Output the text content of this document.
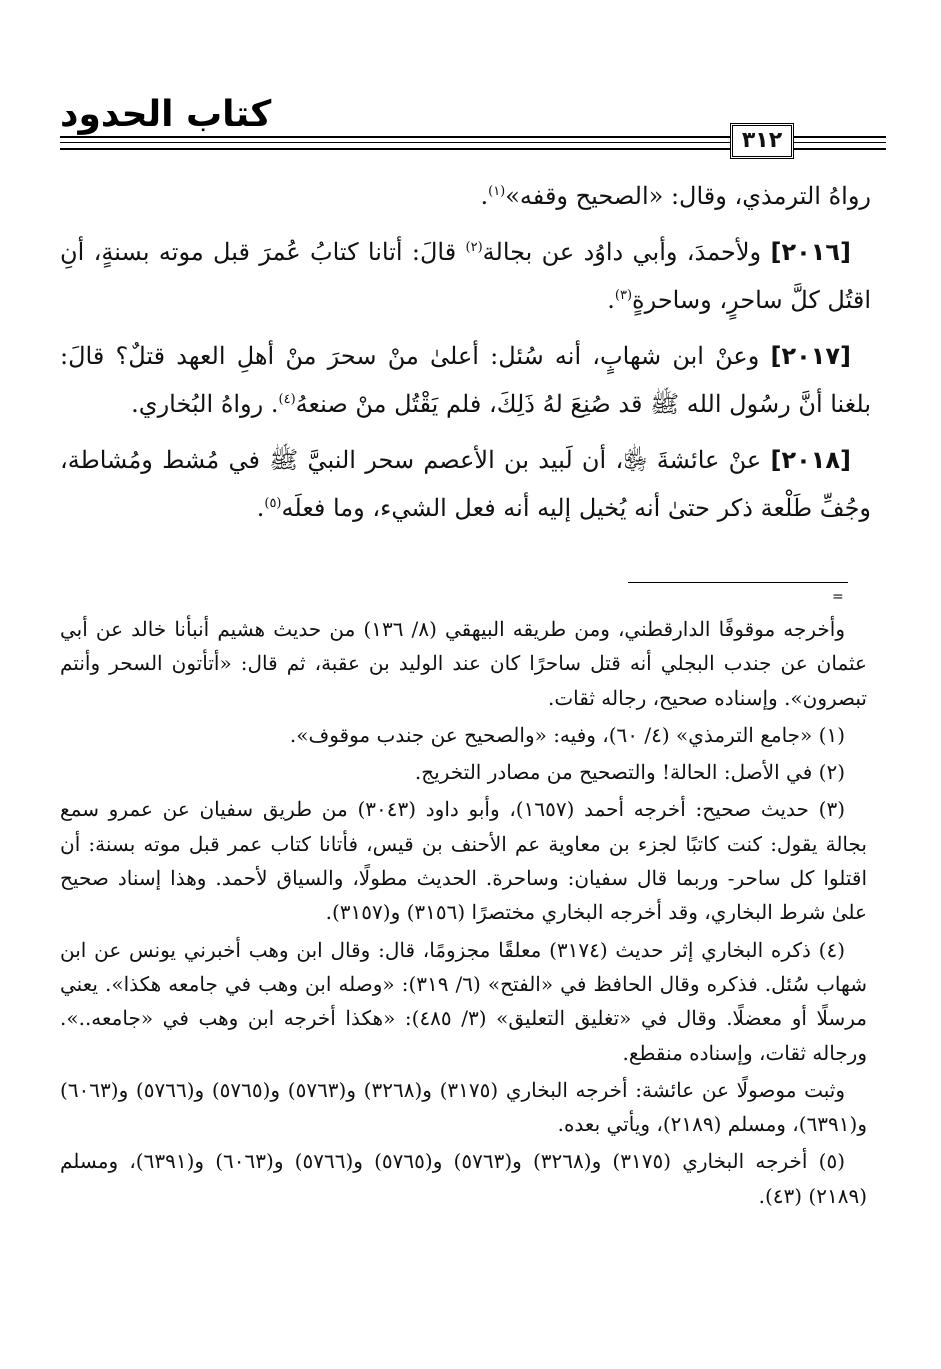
كتاب الحدود
٣١٢

رواهُ الترمذي، وقال: «الصحيح وقفه»$^{(١)}$.

[٢٠١٦] ولأحمدَ، وأبي داوُد عن بجالة$^{(٢)}$ قالَ: أتانا كتابُ عُمرَ قبل موته بسنةٍ، أنِ اقتُل كلَّ ساحرٍ، وساحرةٍ$^{(٣)}$.

[٢٠١٧] وعنْ ابن شهابٍ، أنه سُئل: أعلىٰ منْ سحرَ منْ أهلِ العهد قتلٌ؟ قالَ: بلغنا أنَّ رسُول الله ﷺ قد صُنِعَ لهُ ذَلِكَ، فلم يَقْتُل منْ صنعهُ$^{(٤)}$. رواهُ البُخاري.

[٢٠١٨] عنْ عائشةَ ﵂، أن لَبيد بن الأعصم سحر النبيَّ ﷺ في مُشط ومُشاطة، وجُفِّ طَلْعة ذكر حتىٰ أنه يُخيل إليه أنه فعل الشيء، وما فعلَه$^{(٥)}$.

=

وأخرجه موقوفًا الدارقطني، ومن طريقه البيهقي (٨/ ١٣٦) من حديث هشيم أنبأنا خالد عن أبي عثمان عن جندب البجلي أنه قتل ساحرًا كان عند الوليد بن عقبة، ثم قال: «أتأتون السحر وأنتم تبصرون». وإسناده صحيح، رجاله ثقات.

(١) «جامع الترمذي» (٤/ ٦٠)، وفيه: «والصحيح عن جندب موقوف».

(٢) في الأصل: الحالة! والتصحيح من مصادر التخريج.

(٣) حديث صحيح: أخرجه أحمد (١٦٥٧)، وأبو داود (٣٠٤٣) من طريق سفيان عن عمرو سمع بجالة يقول: كنت كاتبًا لجزء بن معاوية عم الأحنف بن قيس، فأتانا كتاب عمر قبل موته بسنة: أن اقتلوا كل ساحر- وربما قال سفيان: وساحرة. الحديث مطولًا، والسياق لأحمد. وهذا إسناد صحيح علىٰ شرط البخاري، وقد أخرجه البخاري مختصرًا (٣١٥٦) و(٣١٥٧).

(٤) ذكره البخاري إثر حديث (٣١٧٤) معلقًا مجزومًا، قال: وقال ابن وهب أخبرني يونس عن ابن شهاب سُئل. فذكره وقال الحافظ في «الفتح» (٦/ ٣١٩): «وصله ابن وهب في جامعه هكذا». يعني مرسلًا أو معضلًا. وقال في «تغليق التعليق» (٣/ ٤٨٥): «هكذا أخرجه ابن وهب في «جامعه..». ورجاله ثقات، وإسناده منقطع.

وثبت موصولًا عن عائشة: أخرجه البخاري (٣١٧٥) و(٣٢٦٨) و(٥٧٦٣) و(٥٧٦٥) و(٥٧٦٦) و(٦٠٦٣) و(٦٣٩١)، ومسلم (٢١٨٩)، ويأتي بعده.

(٥) أخرجه البخاري (٣١٧٥) و(٣٢٦٨) و(٥٧٦٣) و(٥٧٦٥) و(٥٧٦٦) و(٦٠٦٣) و(٦٣٩١)، ومسلم (٢١٨٩) (٤٣).
